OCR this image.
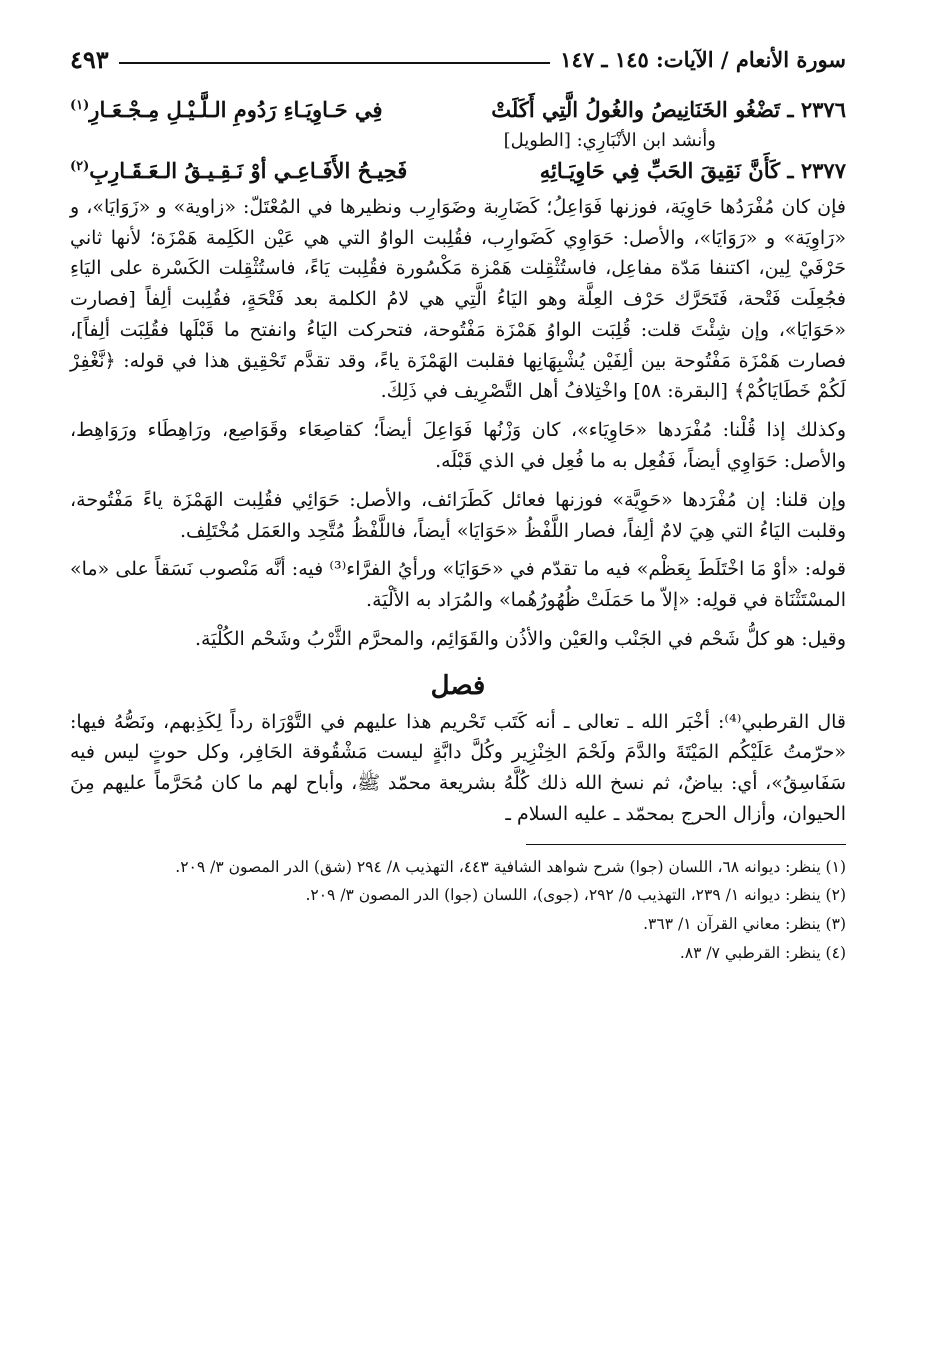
سورة الأنعام / الآيات: ١٤٥ ـ ١٤٧
٤٩٣
٢٣٧٦ ـ تَضْغُو الخَنَانِيصُ والغُولُ الَّتِي أَكَلَتْ
فِي حَـاوِيَـاءِ رَدُومِ الـلَّـيْـلِ مِـجْـعَـارِ$^{(١)}$
وأنشد ابن الأنْبَارِي: [الطويل]
٢٣٧٧ ـ كَأَنَّ نَقِيقَ الحَبِّ فِي حَاوِيَـائِهِ
فَحِيـحُ الأَفَـاعِـي أوْ نَـقِـيـقُ الـعَـقَـارِبِ$^{(٢)}$

فإن كان مُفْرَدُها حَاوِيَة، فوزنها فَوَاعِلُ؛ كَضَارِبة وضَوَارِب ونظيرها في المُعْتَلّ: «زاوية» و «زَوَايَا»، و «رَاوِيَة» و «رَوَايَا»، والأصل: حَوَاوِي كَضَوارِب، فقُلِبت الواوُ التي هي عَيْن الكَلِمة هَمْزَة؛ لأنها ثاني حَرْفَيْ لِين، اكتنفا مَدّة مفاعِل، فاستُثْقِلت هَمْزة مَكْسُورة فقُلِبت يَاءً، فاستُثْقِلت الكَسْرة على اليَاءِ فجُعِلَت فَتْحة، فَتَحَرَّك حَرْف العِلَّة وهو اليَاءُ الَّتِي هي لامُ الكلمة بعد فَتْحَةٍ، فقُلِبت ألِفاً [فصارت «حَوَايَا»، وإن شِئْتَ قلت: قُلِبَت الواوُ هَمْزَة مَفْتُوحة، فتحركت اليَاءُ وانفتح ما قَبْلَها فقُلِبَت ألِفاً]، فصارت هَمْزَة مَفْتُوحة بين ألِفَيْن يُشْبِهَانِها فقلبت الهَمْزَة ياءً، وقد تقدَّم تَحْقِيق هذا في قوله: ﴿نَّغْفِرْ لَكُمْ خَطَايَاكُمْ﴾ [البقرة: ٥٨] واخْتِلافُ أهل التَّصْرِيف في ذَلِكَ.

وكذلك إذا قُلْنا: مُفْرَدها «حَاوِيَاء»، كان وَزْنُها فَوَاعِلَ أيضاً؛ كقاصِعَاء وقَوَاصِع، ورَاهِطَاء ورَوَاهِط، والأصل: حَوَاوِي أيضاً، فَفُعِل به ما فُعِل في الذي قَبْلَه.

وإن قلنا: إن مُفْرَدها «حَوِيَّة» فوزنها فعائل كَطَرَائف، والأصل: حَوَائِي فقُلِبت الهَمْزَة ياءً مَفْتُوحة، وقلبت اليَاءُ التي هِيَ لامٌ ألِفاً، فصار اللَّفْظُ «حَوَايَا» أيضاً، فاللَّفْظُ مُتَّحِد والعَمَل مُخْتَلِف.

قوله: «أوْ مَا اخْتَلَطَ بِعَظْم» فيه ما تقدّم في «حَوَايَا» ورأيُ الفرَّاء⁽³⁾ فيه: أنَّه مَنْصوب نَسَقاً على «ما» المسْتَثْنَاة في قولِه: «إلاّ ما حَمَلَتْ ظُهُورُهُما» والمُرَاد به الألْيَة.

وقيل: هو كلُّ شَحْم في الجَنْب والعَيْن والأذُن والقَوَائِم، والمحرَّم الثَّرْبُ وشَحْم الكُلْيَة.

فصل

قال القرطبي⁽⁴⁾: أخْبَر الله ـ تعالى ـ أنه كَتَب تَحْريم هذا عليهم في التَّوْرَاة رداً لِكَذِبهم، ونَصُّهُ فيها: «حرّمتُ عَلَيْكُم المَيْتَةَ والدَّمَ ولَحْمَ الخِنْزِير وكُلَّ دابَّةٍ ليست مَشْقُوقة الحَافِر، وكل حوتٍ ليس فيه سَفَاسِقُ»، أي: بياضٌ، ثم نسخ الله ذلك كُلَّهُ بشريعة محمّد ﷺ، وأباح لهم ما كان مُحَرَّماً عليهم مِنَ الحيوان، وأزال الحرج بمحمّد ـ عليه السلام ـ

(١) ينظر: ديوانه ٦٨، اللسان (جوا) شرح شواهد الشافية ٤٤٣، التهذيب ٨/ ٢٩٤ (شق) الدر المصون ٣/ ٢٠٩.
(٢) ينظر: ديوانه ١/ ٢٣٩، التهذيب ٥/ ٢٩٢، (جوى)، اللسان (جوا) الدر المصون ٣/ ٢٠٩.
(٣) ينظر: معاني القرآن ١/ ٣٦٣.
(٤) ينظر: القرطبي ٧/ ٨٣.
